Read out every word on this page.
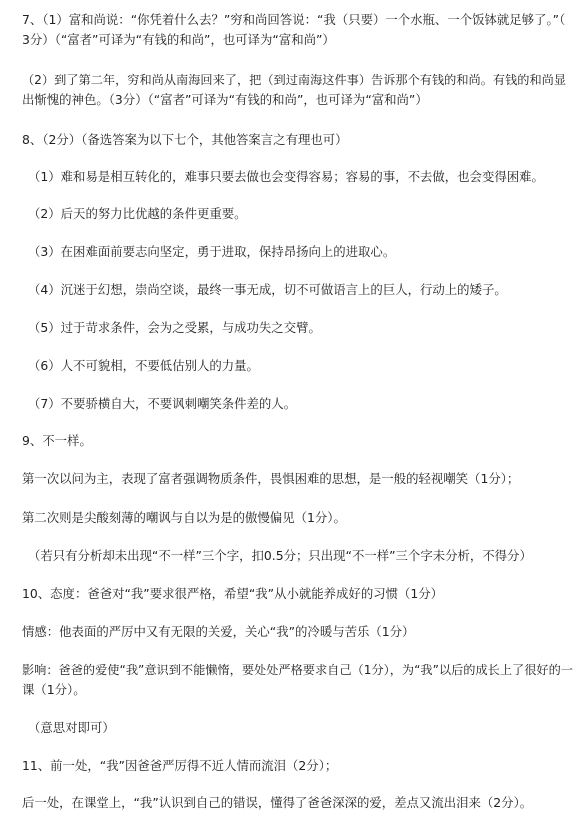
7、（1）富和尚说：“你凭着什么去？”穷和尚回答说：“我（只要）一个水瓶、一个饭钵就足够了。”（
3分）（“富者”可译为“有钱的和尚”，也可译为“富和尚”）
（2）到了第二年，穷和尚从南海回来了，把（到过南海这件事）告诉那个有钱的和尚。有钱的和尚显
出惭愧的神色。（3分）（“富者”可译为“有钱的和尚”，也可译为“富和尚”）
8、（2分）（备选答案为以下七个，其他答案言之有理也可）
（1）难和易是相互转化的，难事只要去做也会变得容易；容易的事，不去做，也会变得困难。
（2）后天的努力比优越的条件更重要。
（3）在困难面前要志向坚定，勇于进取，保持昂扬向上的进取心。
（4）沉迷于幻想，崇尚空谈，最终一事无成，切不可做语言上的巨人，行动上的矮子。
（5）过于苛求条件，会为之受累，与成功失之交臂。
（6）人不可貌相，不要低估别人的力量。
（7）不要骄横自大，不要讽刺嘲笑条件差的人。
9、不一样。
第一次以问为主，表现了富者强调物质条件，畏惧困难的思想，是一般的轻视嘲笑（1分）；
第二次则是尖酸刻薄的嘲讽与自以为是的傲慢偏见（1分）。
（若只有分析却未出现“不一样”三个字，扣0.5分；只出现“不一样”三个字未分析，不得分）
10、态度：爸爸对“我”要求很严格，希望“我”从小就能养成好的习惯（1分）
情感：他表面的严厉中又有无限的关爱，关心“我”的冷暖与苦乐（1分）
影响：爸爸的爱使“我”意识到不能懒惰，要处处严格要求自己（1分），为“我”以后的成长上了很好的一
课（1分）。
（意思对即可）
11、前一处，“我”因爸爸严厉得不近人情而流泪（2分）；
后一处，在课堂上，“我”认识到自己的错误，懂得了爸爸深深的爱，差点又流出泪来（2分）。
